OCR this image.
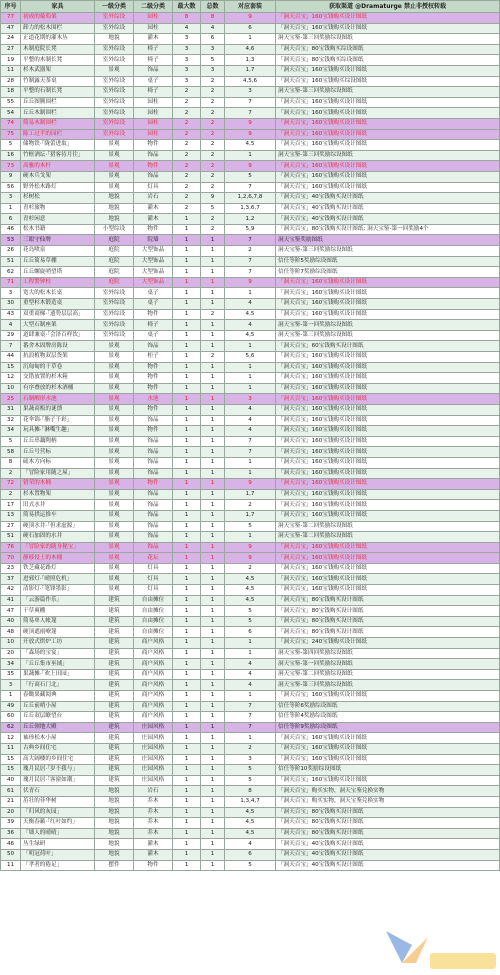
序号	家具	一级分类	二级分类	最大数	总数	对应套装	获取渠道 @Dramaturge 禁止非授权转载
77	初成的葡萄架	室外综设	园柱	8	8	9	「洞天百宝」160宝钱购买设计图纸
47	卸力的松木围栏	室外综设	园柱	4	4	6	「洞天百宝」160宝钱购买设计图纸
24	正道花期的灌木丛	地貌	灌木	3	6	1	洞天宝鉴-第三回奖励综设图纸
27	木制庭院长凳	室外综设	椅子	3	3	4,6	「洞天百宝」80宝钱购买综设图纸
19	平整的木制长凳	室外综设	椅子	3	5	1,3	「洞天百宝」80宝钱购买综设图纸
11	杉木武器架	景观	饰品	3	3	1,7	「洞天百宝」160宝钱购买设计图纸
28	竹制露天茶桌	室外综设	桌子	3	2	4,5,6	「洞天百宝」160宝钱购买综设图纸
18	平整的石制长凳	室外综设	椅子	2	2	3	洞天宝鉴-第三回奖励综设图纸
55	丘丘图腾围栏	室外综设	园柱	2	2	7	「洞天百宝」160宝钱购买设计图纸
54	丘丘木制围栏	室外综设	园柱	2	2	7	「洞天百宝」160宝钱购买设计图纸
74	简易木制围栏	室外综设	园柱	2	2	9	「洞天百宝」160宝钱购买设计图纸
75	陈工过半的园栏	室外综设	园柱	2	2	9	「洞天百宝」160宝钱购买设计图纸
5	储物铁·「陇蕾进取」	景观	物件	2	2	4,5	「洞天百宝」160宝钱购买设计图纸
16	竹框酒坛·「猎客待月往」	景观	饰品	2	2	1	洞天宝鉴-第三回奖励综设图纸
73	高雅的木杆	景观	物件	2	2	9	「洞天百宝」160宝钱购买设计图纸
9	硬木兵戈架	景观	饰品	2	2	5	「洞天百宝」160宝钱购买设计图纸
56	野外松木路灯	景观	灯具	2	2	7	「洞天百宝」160宝钱购买设计图纸
3	杉树松	地貌	岩石	2	9	1,2,6,7,8	「洞天百宝」40宝钱购买设计图纸
1	青杉旅物	地貌	灌木	2	5	1,3,6,7	「洞天百宝」40宝钱购买设计图纸
6	青杉闲意	地貌	灌木	1	2	1,2	「洞天百宝」40宝钱购买设计图纸
46	松木书籍	小型综设	物件	1	2	5,9	「洞天百宝」80宝钱购买设计图纸; 洞天宝鉴-第一回奖励4个
53	三眼守仙牌	庭院	院墙	1	1	7	洞天宝鉴奖励图纸
26	花岛喷泉	庭院	大型饰品	1	1	2	洞天宝鉴-第三回奖励综设图纸
51	丘丘简易草棚	庭院	大型饰品	1	1	7	信任等阶5奖励综设图纸
62	丘丘螺旋哨望塔	庭院	大型饰品	1	1	7	信任等阶7奖励综设图纸
71	工程警钟柱	庭院	大型饰品	1	1	9	「洞天百宝」160宝钱购买设计图纸
3	宽大的松木长桌	室外综设	桌子	1	1	1	「洞天百宝」160宝钱购买设计图纸
30	重型杉木锻造桌	室外综设	桌子	1	1	4	「洞天百宝」160宝钱购买设计图纸
43	双重商梯·「遗势层层高」	室外综设	物件	1	2	4,5	「洞天百宝」160宝钱购买设计图纸
4	大型石制座架	室外综设	椅子	1	1	4	洞天宝鉴-第一回奖励综设图纸
29	道肆兼桌·「会泽百样饮」	室外综设	桌子	1	1	4,5	洞天宝鉴-第三回奖励综设图纸
7	番舍木固牌房陈设	景观	饰品	1	1	1	「洞天百宝」60宝钱购买设计图纸
44	抗浪植物双层货架	景观	柜子	1	2	5,6	「洞天百宝」160宝钱购买设计图纸
15	沉甸甸的干草卷	景观	物件	1	1	1	「洞天百宝」160宝钱购买设计图纸
12	交错放置的杉木箱	景观	物件	1	1	1	「洞天百宝」160宝钱购买设计图纸
10	有序叠放的杉木酒桶	景观	物件	1	1	1	「洞天百宝」160宝钱购买设计图纸
25	石制醒形水池	景观	水池	1	1	3	「洞天百宝」160宝钱购买设计图纸
31	果蔬商贩的谜馈	景观	物件	1	1	4	「洞天百宝」160宝钱购买设计图纸
32	花伞锦·「脂子千彩」	景观	饰品	1	1	4	「洞天百宝」160宝钱购买设计图纸
34	玩具摊·「淋嘴生趣」	景观	物件	1	1	4	「洞天百宝」160宝钱购买设计图纸
5	丘丘串藕陶柄	景观	饰品	1	1	7	「洞天百宝」160宝钱购买设计图纸
58	丘丘号营标	景观	饰品	1	1	7	「洞天百宝」160宝钱购买设计图纸
8	硫木方向标	景观	饰品	1	1	1	「洞天百宝」160宝钱购买设计图纸
2	「冒险家用随之屋」	景观	饰品	1	1	1	「洞天百宝」160宝钱购买设计图纸
72	错荣的木桶	景观	物件	1	1	9	「洞天百宝」160宝钱购买设计图纸
2	杉木置物架	景观	饰品	1	1	1,7	「洞天百宝」160宝钱购买设计图纸
17	旧式水井	景观	饰品	1	1	2	「洞天百宝」160宝钱购买设计图纸
13	简易拱运推车	景观	饰品	1	1	1,7	「洞天百宝」160宝钱购买设计图纸
27	硬顶水井·「但求虚源」	景观	饰品	1	1	5	洞天宝鉴-第二回奖励综设图纸
51	硬石加固的水井	景观	饰品	1	1	1	洞天宝鉴-第二回奖励综设图纸
76	「冒险家的随身秘宝」	景观	饰品	1	1	9	「洞天百宝」160宝钱购买设计图纸
70	静移侵土的木桶	景观	花坛	1	1	9	「洞天百宝」160宝钱购买设计图纸
23	铁芝藏花路灯	景观	灯具	1	1	2	「洞天百宝」160宝钱购买设计图纸
37	进邪灯·「晴照危机」	景观	灯具	1	1	4,5	「洞天百宝」160宝钱购买设计图纸
42	清影灯·「笔锋墨影」	景观	灯具	1	1	4,5	「洞天百宝」160宝钱购买设计图纸
41	「云游篇作乐」	建筑	自由摊位	1	1	4,5	「洞天百宝」80宝钱购买设计图纸
47	干草爽棚	建筑	自由摊位	1	1	5	「洞天百宝」80宝钱购买设计图纸
40	简易单人帐篷	建筑	自由摊位	1	1	5	「洞天百宝」80宝钱购买设计图纸
48	硬顶遮雨嘹篷	建筑	自由摊位	1	1	6	「洞天百宝」80宝钱购买设计图纸
10	开放式烘炉工坊	建筑	商户风格	1	1	1	「洞天百宝」240宝钱购买设计图纸
20	「森场的宝宴」	建筑	商户风格	1	1	1	洞天宝鉴-第四回奖励综设图纸
34	「丘丘集市巫铺」	建筑	商户风格	1	1	4	洞天宝鉴-第一回奖励综设图纸
35	果蔬摊·「欢上田园」	建筑	商户风格	1	1	4	洞天宝鉴-第二回奖励综设图纸
3	「行商石门北」	建筑	商户风格	1	1	4	洞天宝鉴-第三回奖励综设图纸
1	春锄果藏阅典	建筑	商户风格	1	1	1	「洞天百宝」160宝钱购买设计图纸
49	丘丘前哨小屋	建筑	商户风格	1	1	7	信任等阶6奖励综设图纸
60	丘丘双层瞭望台	建筑	商户风格	1	1	7	信任等阶4奖励综设图纸
62	丘丘领地大殿	建筑	庄园风格	1	1	7	信任等阶9奖励综设图纸
12	袖珍松木小屋	建筑	庄园风格	1	1	1	「洞天百宝」160宝钱购买设计图纸
11	古典乡间住宅	建筑	庄园风格	1	1	2	「洞天百宝」160宝钱购买设计图纸
15	高大阔楼的乡间住宅	建筑	庄园风格	1	1	3	「洞天百宝」160宝钱购买设计图纸
15	瑰月民居·「岁不我与」	建筑	庄园风格	1	1	5	信任等阶10奖励综设图纸
40	瑰月民居·「客窗如潮」	建筑	庄园风格	1	1	5	「洞天百宝」160宝钱购买设计图纸
61	伏青石	地貌	岩石	1	1	8	「洞天百宝」购买实物，洞天宝鉴兑换实物
21	茁壮的菲华树	地貌	乔木	1	1	1,3,4,7	「洞天百宝」购买实物，洞天宝鉴兑换实物
20	「归风的灰园」	地貌	乔木	1	1	4,5	「洞天百宝」80宝钱购买设计图纸
39	天衡春籁·「红叶如约」	地貌	乔木	1	1	4,5	「洞天百宝」80宝钱购买设计图纸
36	「墙人的晴晴」	地貌	乔木	1	1	4,5	「洞天百宝」80宝钱购买设计图纸
46	丛生绿研	地貌	灌木	1	1	4	「洞天百宝」40宝钱购买设计图纸
50	「明冠荷叶」	地貌	灌木	1	1	6	「洞天百宝」40宝钱购买设计图纸
11	「孝者的倦足」	摆件	物件	1	1	5	「洞天百宝」40宝钱购买设计图纸
